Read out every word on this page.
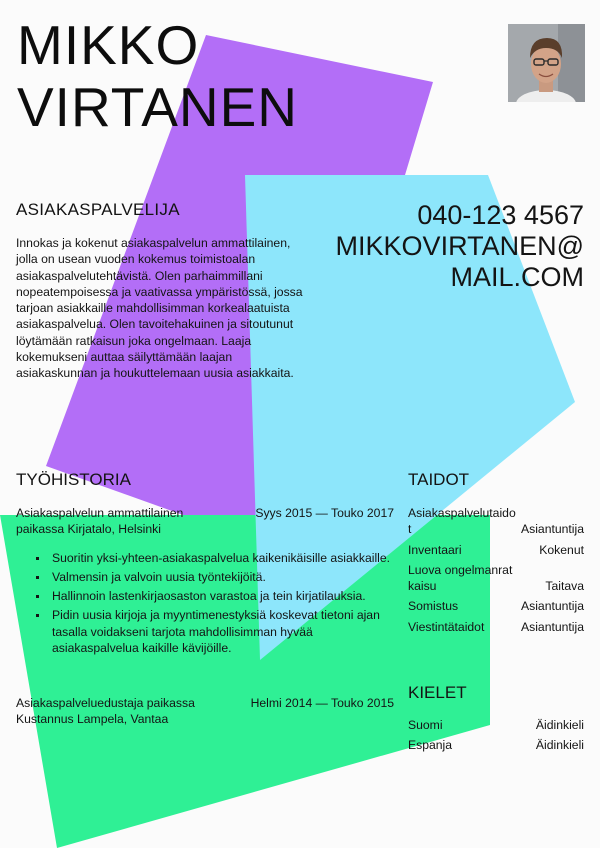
MIKKO
VIRTANEN
ASIAKASPALVELIJA
Innokas ja kokenut asiakaspalvelun ammattilainen, jolla on usean vuoden kokemus toimistoalan asiakaspalvelutehtävistä. Olen parhaimmillani nopeatempoisessa ja vaativassa ympäristössä, jossa tarjoan asiakkaille mahdollisimman korkealaatuista asiakaspalvelua. Olen tavoitehakuinen ja sitoutunut löytämään ratkaisun joka ongelmaan. Laaja kokemukseni auttaa säilyttämään laajan asiakaskunnan ja houkuttelemaan uusia asiakkaita.
040-123 4567
MIKKOVIRTANEN@
MAIL.COM
TYÖHISTORIA
Asiakaspalvelun ammattilainen paikassa Kirjatalo, Helsinki
Syys 2015 — Touko 2017
Suoritin yksi-yhteen-asiakaspalvelua kaikenikäisille asiakkaille.
Valmensin ja valvoin uusia työntekijöitä.
Hallinnoin lastenkirjaosaston varastoa ja tein kirjatilauksia.
Pidin uusia kirjoja ja myyntimenestyksiä koskevat tietoni ajan tasalla voidakseni tarjota mahdollisimman hyvää asiakaspalvelua kaikille kävijöille.
Asiakaspalveluedustaja paikassa Kustannus Lampela, Vantaa
Helmi 2014 — Touko 2015
TAIDOT
Asiakaspalvelutaidot	Asiantuntija
Inventaari	Kokenut
Luova ongelmanratkaisu	Taitava
Somistus	Asiantuntija
Viestintätaidot	Asiantuntija
KIELET
Suomi	Äidinkieli
Espanja	Äidinkieli
